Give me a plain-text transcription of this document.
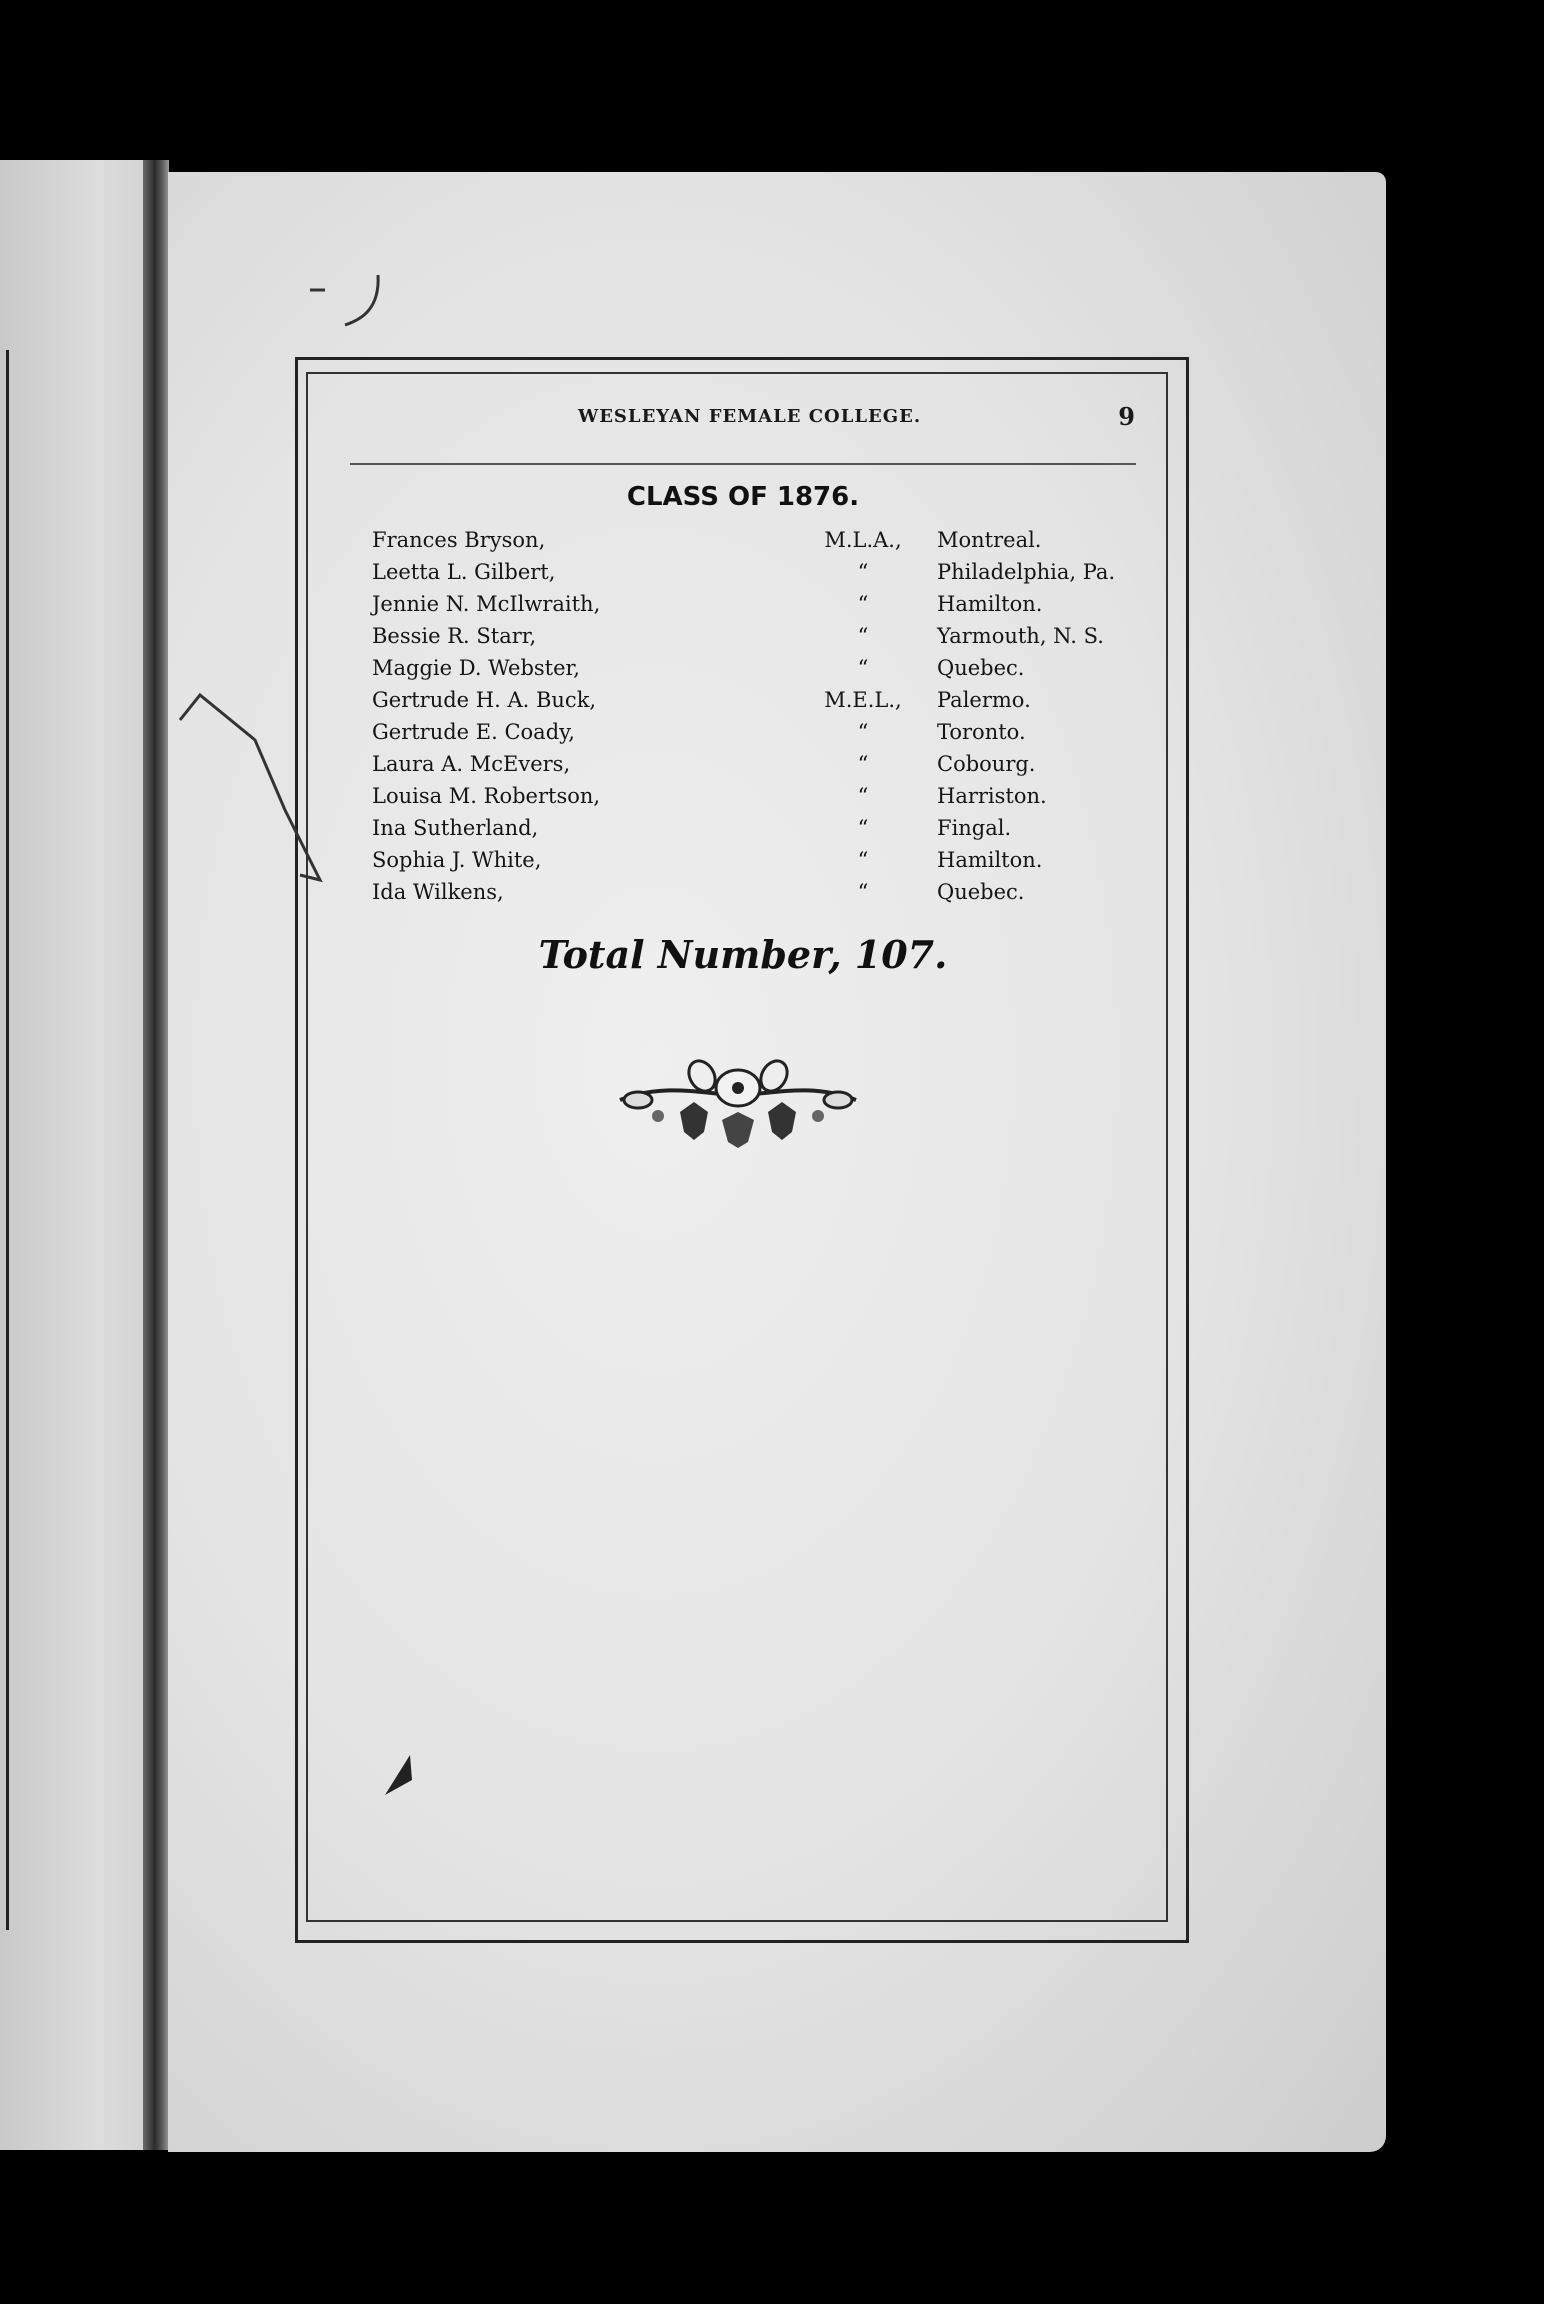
WESLEYAN FEMALE COLLEGE.	9
CLASS OF 1876.
Frances Bryson,	M.L.A.,	Montreal.
Leetta L. Gilbert,	“	Philadelphia, Pa.
Jennie N. McIlwraith,	“	Hamilton.
Bessie R. Starr,	“	Yarmouth, N. S.
Maggie D. Webster,	“	Quebec.
Gertrude H. A. Buck,	M.E.L.,	Palermo.
Gertrude E. Coady,	“	Toronto.
Laura A. McEvers,	“	Cobourg.
Louisa M. Robertson,	“	Harriston.
Ina Sutherland,	“	Fingal.
Sophia J. White,	“	Hamilton.
Ida Wilkens,	“	Quebec.
Total Number, 107.
